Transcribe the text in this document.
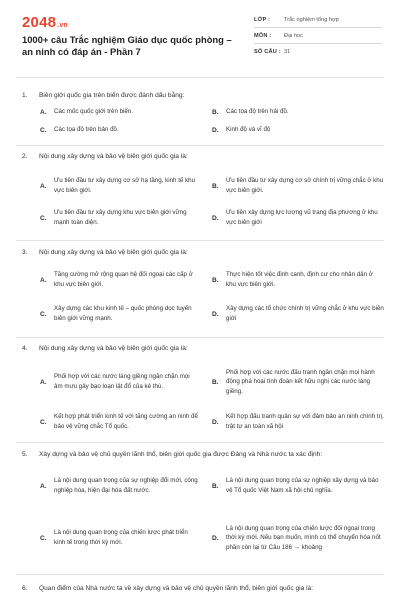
2048.vn
1000+ câu Trắc nghiệm Giáo dục quốc phòng – an ninh có đáp án - Phần 7
LỚP :	Trắc nghiệm tổng hợp
MÔN :	Đại học
SỐ CÂU : 31
1. Biên giới quốc gia trên biển được đánh dấu bằng:
A.	Các mốc quốc giới trên biển.	B.	Các tọa độ trên hải đồ.
C.	Các tọa độ trên bản đồ.	D.	Kinh độ và vĩ độ
2. Nội dung xây dựng và bảo vệ biên giới quốc gia là:
A.
Ưu tiên đầu tư xây dựng cơ sở hạ tầng, kinh tế khu vực biên giới.
B.
Ưu tiên đầu tư xây dựng cơ sở chính trị vững chắc ở khu vực biên giới.
C.
Ưu tiên đầu tư xây dựng khu vực biên giới vững mạnh toàn diện.
D.
Ưu tiên xây dựng lực lượng vũ trang địa phương ở khu vực biên giới
3. Nội dung xây dựng và bảo vệ biên giới quốc gia là:
A.
Tăng cường mở rộng quan hệ đối ngoại các cấp ở khu vực biên giới.
B.
Thực hiện tốt việc định canh, định cư cho nhân dân ở khu vực biên giới.
C.
Xây dựng các khu kinh tế – quốc phòng dọc tuyến biên giới vững mạnh.
D.
Xây dựng các tổ chức chính trị vững chắc ở khu vực biên giới
4. Nội dung xây dựng và bảo vệ biên giới quốc gia là:
A.
Phối hợp với các nước láng giềng ngăn chặn mọi âm mưu gây bạo loạn lật đổ của kẻ thù.
B.
Phối hợp với các nước đấu tranh ngăn chặn mọi hành động phá hoại tình đoàn kết hữu nghị các nước láng giềng.
C.
Kết hợp phát triển kinh tế với tăng cường an ninh để bảo vệ vững chắc Tổ quốc.
D.
Kết hợp đấu tranh quân sự với đảm bảo an ninh chính trị, trật tự an toàn xã hội
5. Xây dựng và bảo vệ chủ quyền lãnh thổ, biên giới quốc gia được Đảng và Nhà nước ta xác định:
A.
Là nội dung quan trọng của sự nghiệp đổi mới, công nghiệp hóa, hiện đại hóa đất nước.
B.
Là nội dung quan trọng của sự nghiệp xây dựng và bảo vệ Tổ quốc Việt Nam xã hội chủ nghĩa.
C.
Là nội dung quan trọng của chiến lược phát triển kinh tế trong thời kỳ mới.
D.
Là nội dung quan trọng của chiến lược đối ngoại trong thời kỳ mới. Nếu bạn muốn, mình có thể chuyển hóa nốt phần còn lại từ Câu 186 → khoảng
6. Quan điểm của Nhà nước ta về xây dựng và bảo vệ chủ quyền lãnh thổ, biên giới quốc gia là:
